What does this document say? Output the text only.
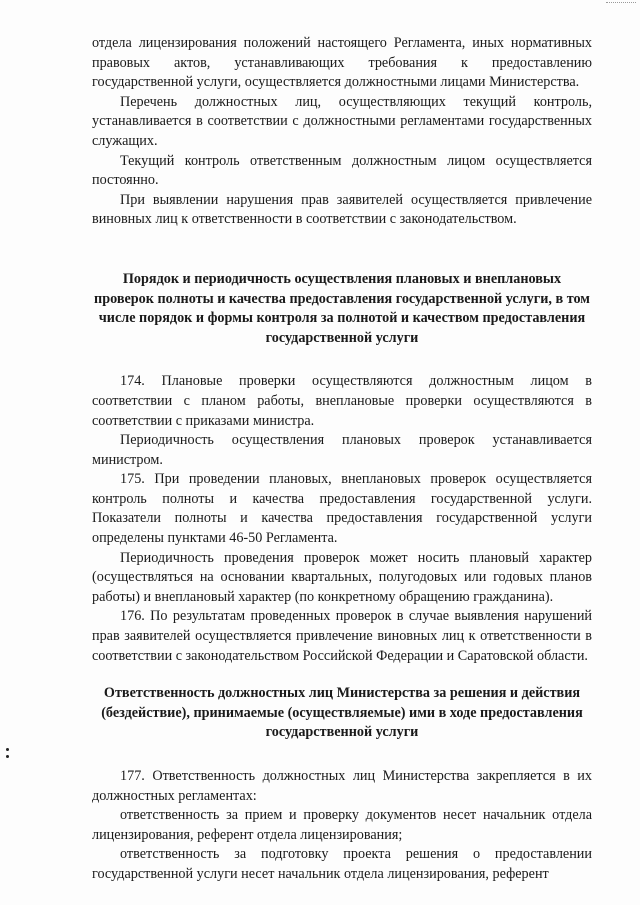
отдела лицензирования положений настоящего Регламента, иных нормативных правовых актов, устанавливающих требования к предоставлению государственной услуги, осуществляется должностными лицами Министерства.

Перечень должностных лиц, осуществляющих текущий контроль, устанавливается в соответствии с должностными регламентами государственных служащих.

Текущий контроль ответственным должностным лицом осуществляется постоянно.

При выявлении нарушения прав заявителей осуществляется привлечение виновных лиц к ответственности в соответствии с законодательством.

Порядок и периодичность осуществления плановых и внеплановых проверок полноты и качества предоставления государственной услуги, в том числе порядок и формы контроля за полнотой и качеством предоставления государственной услуги

174. Плановые проверки осуществляются должностным лицом в соответствии с планом работы, внеплановые проверки осуществляются в соответствии с приказами министра.

Периодичность осуществления плановых проверок устанавливается министром.

175. При проведении плановых, внеплановых проверок осуществляется контроль полноты и качества предоставления государственной услуги. Показатели полноты и качества предоставления государственной услуги определены пунктами 46-50 Регламента.

Периодичность проведения проверок может носить плановый характер (осуществляться на основании квартальных, полугодовых или годовых планов работы) и внеплановый характер (по конкретному обращению гражданина).

176. По результатам проведенных проверок в случае выявления нарушений прав заявителей осуществляется привлечение виновных лиц к ответственности в соответствии с законодательством Российской Федерации и Саратовской области.

Ответственность должностных лиц Министерства за решения и действия (бездействие), принимаемые (осуществляемые) ими в ходе предоставления государственной услуги

177. Ответственность должностных лиц Министерства закрепляется в их должностных регламентах:

ответственность за прием и проверку документов несет начальник отдела лицензирования, референт отдела лицензирования;

ответственность за подготовку проекта решения о предоставлении государственной услуги несет начальник отдела лицензирования, референт
